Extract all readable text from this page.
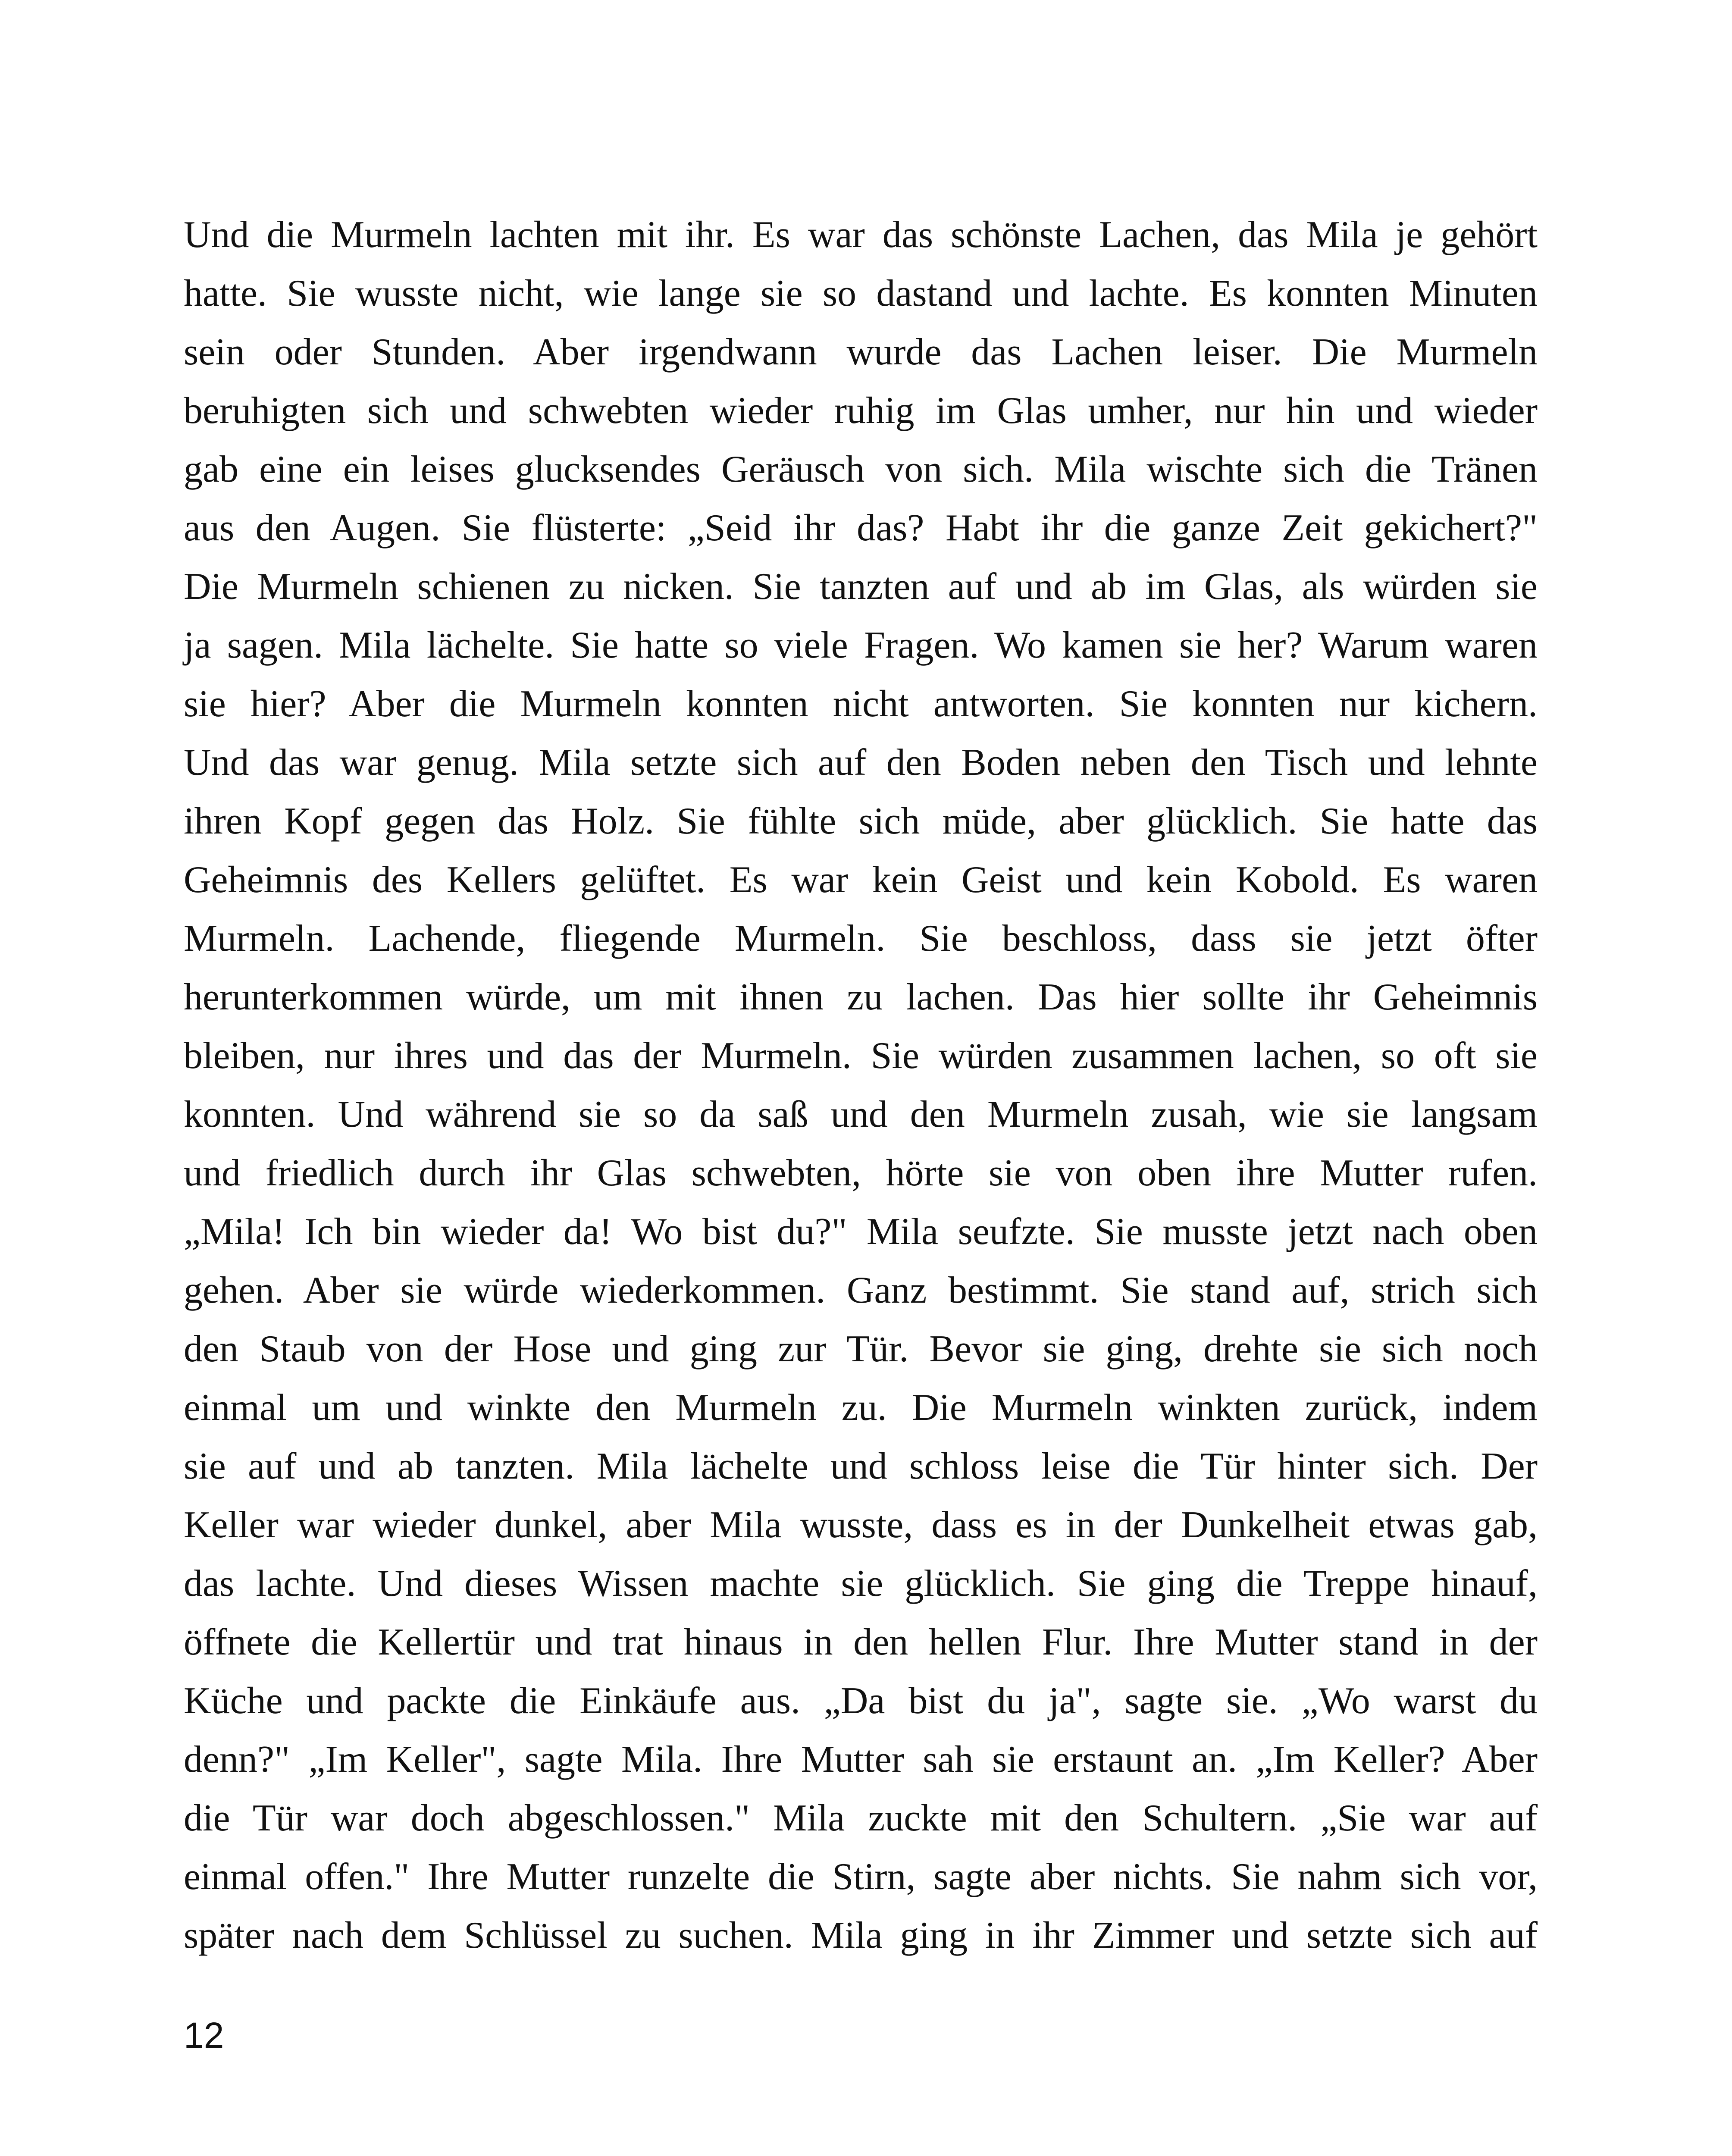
Und die Murmeln lachten mit ihr. Es war das schönste Lachen, das Mila je gehört
hatte. Sie wusste nicht, wie lange sie so dastand und lachte. Es konnten Minuten
sein oder Stunden. Aber irgendwann wurde das Lachen leiser. Die Murmeln
beruhigten sich und schwebten wieder ruhig im Glas umher, nur hin und wieder
gab eine ein leises glucksendes Geräusch von sich. Mila wischte sich die Tränen
aus den Augen. Sie flüsterte: „Seid ihr das? Habt ihr die ganze Zeit gekichert?"
Die Murmeln schienen zu nicken. Sie tanzten auf und ab im Glas, als würden sie
ja sagen. Mila lächelte. Sie hatte so viele Fragen. Wo kamen sie her? Warum waren
sie hier? Aber die Murmeln konnten nicht antworten. Sie konnten nur kichern.
Und das war genug. Mila setzte sich auf den Boden neben den Tisch und lehnte
ihren Kopf gegen das Holz. Sie fühlte sich müde, aber glücklich. Sie hatte das
Geheimnis des Kellers gelüftet. Es war kein Geist und kein Kobold. Es waren
Murmeln. Lachende, fliegende Murmeln. Sie beschloss, dass sie jetzt öfter
herunterkommen würde, um mit ihnen zu lachen. Das hier sollte ihr Geheimnis
bleiben, nur ihres und das der Murmeln. Sie würden zusammen lachen, so oft sie
konnten. Und während sie so da saß und den Murmeln zusah, wie sie langsam
und friedlich durch ihr Glas schwebten, hörte sie von oben ihre Mutter rufen.
„Mila! Ich bin wieder da! Wo bist du?" Mila seufzte. Sie musste jetzt nach oben
gehen. Aber sie würde wiederkommen. Ganz bestimmt. Sie stand auf, strich sich
den Staub von der Hose und ging zur Tür. Bevor sie ging, drehte sie sich noch
einmal um und winkte den Murmeln zu. Die Murmeln winkten zurück, indem
sie auf und ab tanzten. Mila lächelte und schloss leise die Tür hinter sich. Der
Keller war wieder dunkel, aber Mila wusste, dass es in der Dunkelheit etwas gab,
das lachte. Und dieses Wissen machte sie glücklich. Sie ging die Treppe hinauf,
öffnete die Kellertür und trat hinaus in den hellen Flur. Ihre Mutter stand in der
Küche und packte die Einkäufe aus. „Da bist du ja", sagte sie. „Wo warst du
denn?" „Im Keller", sagte Mila. Ihre Mutter sah sie erstaunt an. „Im Keller? Aber
die Tür war doch abgeschlossen." Mila zuckte mit den Schultern. „Sie war auf
einmal offen." Ihre Mutter runzelte die Stirn, sagte aber nichts. Sie nahm sich vor,
später nach dem Schlüssel zu suchen. Mila ging in ihr Zimmer und setzte sich auf
12
